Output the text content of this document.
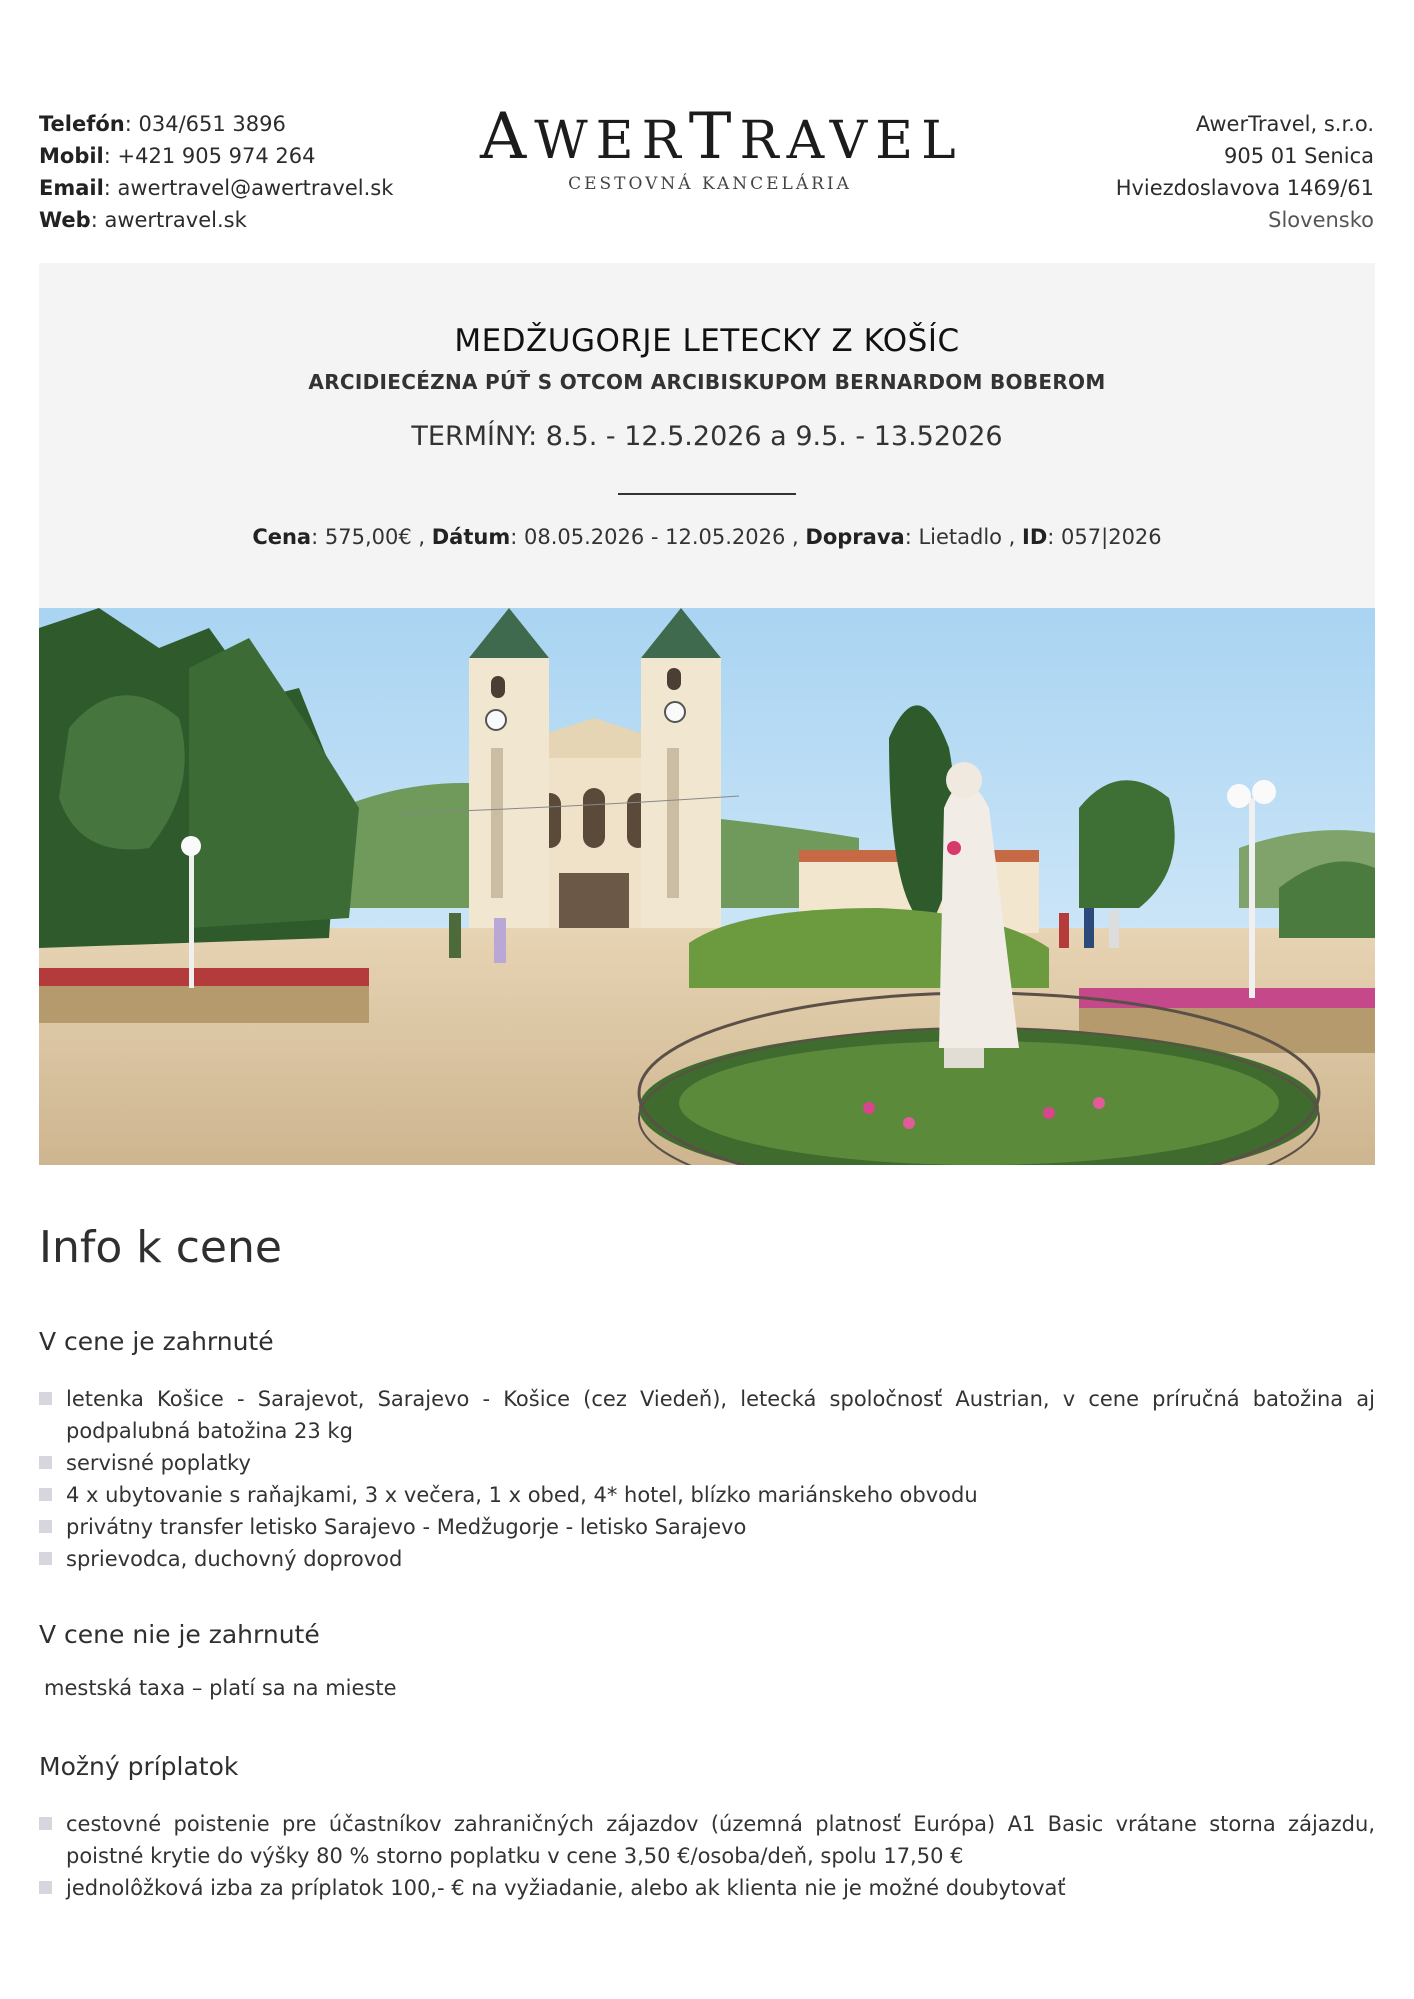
Telefón: 034/651 3896
Mobil: +421 905 974 264
Email: awertravel@awertravel.sk
Web: awertravel.sk
AWERTRAVEL
CESTOVNÁ KANCELÁRIA
AwerTravel, s.r.o.
905 01 Senica
Hviezdoslavova 1469/61
Slovensko
MEDŽUGORJE LETECKY Z KOŠÍC
ARCIDIECÉZNA PÚŤ S OTCOM ARCIBISKUPOM BERNARDOM BOBEROM
TERMÍNY: 8.5. - 12.5.2026 a 9.5. - 13.52026
Cena: 575,00€ , Dátum: 08.05.2026 - 12.05.2026 , Doprava: Lietadlo , ID: 057|2026
Info k cene
V cene je zahrnuté
letenka Košice - Sarajevot, Sarajevo - Košice (cez Viedeň), letecká spoločnosť Austrian, v cene príručná batožina aj podpalubná batožina 23 kg
servisné poplatky
4 x ubytovanie s raňajkami, 3 x večera, 1 x obed, 4* hotel, blízko mariánskeho obvodu
privátny transfer letisko Sarajevo - Medžugorje - letisko Sarajevo
sprievodca, duchovný doprovod
V cene nie je zahrnuté
mestská taxa – platí sa na mieste
Možný príplatok
cestovné poistenie pre účastníkov zahraničných zájazdov (územná platnosť Európa) A1 Basic vrátane storna zájazdu, poistné krytie do výšky 80 % storno poplatku v cene 3,50 €/osoba/deň, spolu 17,50 €
jednolôžková izba za príplatok 100,- € na vyžiadanie, alebo ak klienta nie je možné doubytovať
